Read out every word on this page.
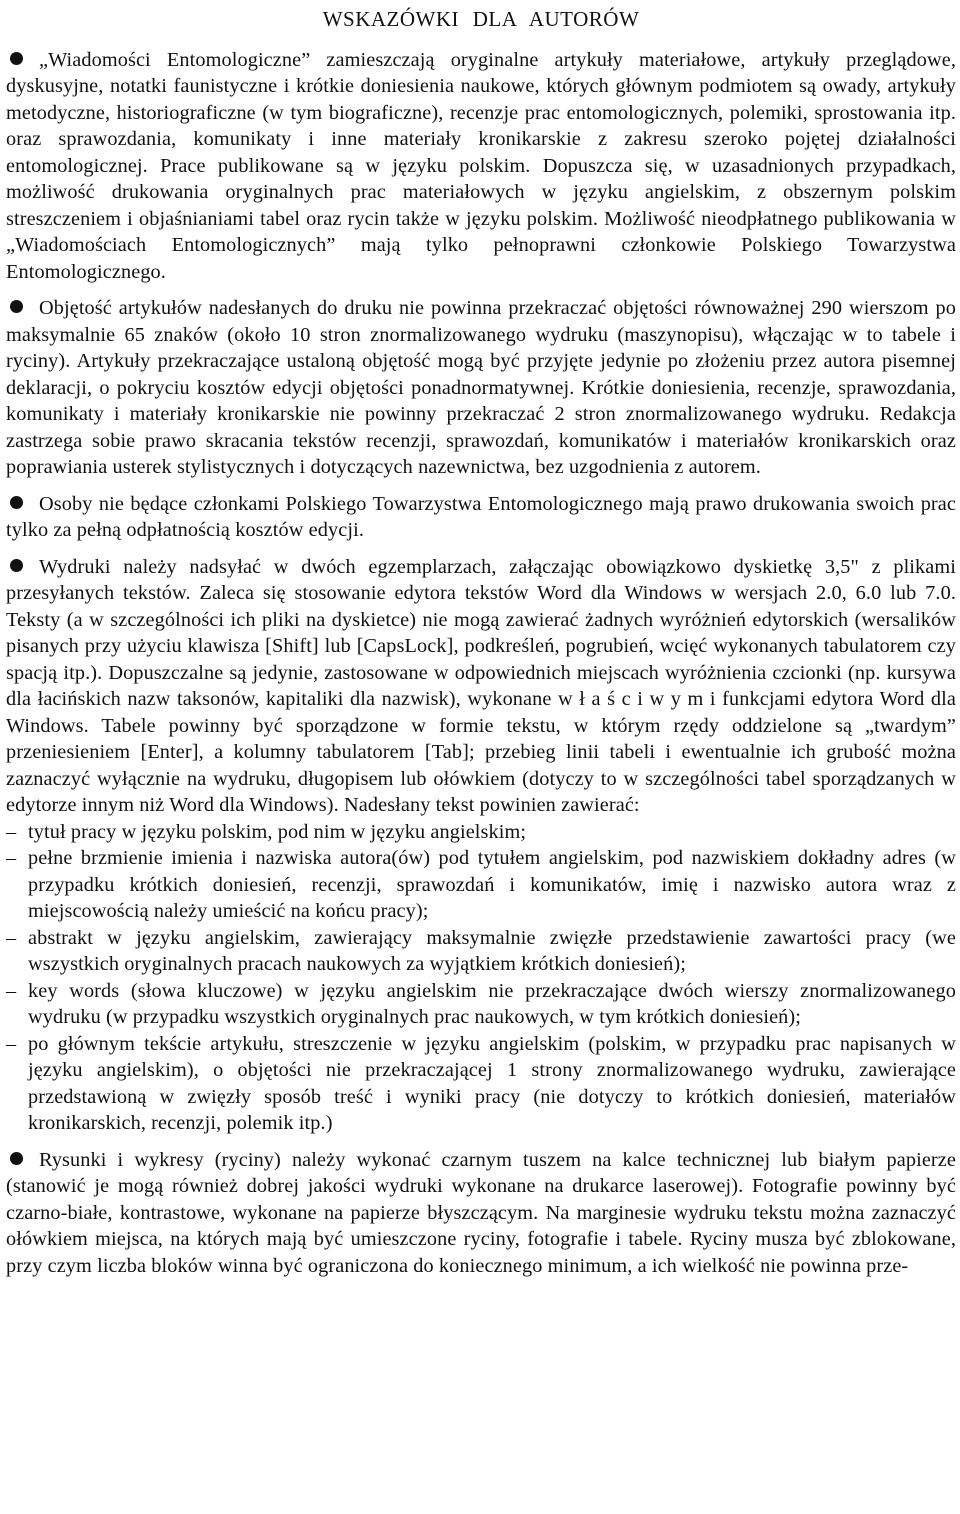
WSKAZÓWKI DLA AUTORÓW

„Wiadomości Entomologiczne” zamieszczają oryginalne artykuły materiałowe, artykuły przeglądowe, dyskusyjne, notatki faunistyczne i krótkie doniesienia naukowe, których głównym podmiotem są owady, artykuły metodyczne, historiograficzne (w tym biograficzne), recenzje prac entomologicznych, polemiki, sprostowania itp. oraz sprawozdania, komunikaty i inne materiały kronikarskie z zakresu szeroko pojętej działalności entomologicznej. Prace publikowane są w języku polskim. Dopuszcza się, w uzasadnionych przypadkach, możliwość drukowania oryginalnych prac materiałowych w języku angielskim, z obszernym polskim streszczeniem i objaśnianiami tabel oraz rycin także w języku polskim. Możliwość nieodpłatnego publikowania w „Wiadomościach Entomologicznych” mają tylko pełnoprawni członkowie Polskiego Towarzystwa Entomologicznego.

Objętość artykułów nadesłanych do druku nie powinna przekraczać objętości równoważnej 290 wierszom po maksymalnie 65 znaków (około 10 stron znormalizowanego wydruku (maszynopisu), włączając w to tabele i ryciny). Artykuły przekraczające ustaloną objętość mogą być przyjęte jedynie po złożeniu przez autora pisemnej deklaracji, o pokryciu kosztów edycji objętości ponadnormatywnej. Krótkie doniesienia, recenzje, sprawozdania, komunikaty i materiały kronikarskie nie powinny przekraczać 2 stron znormalizowanego wydruku. Redakcja zastrzega sobie prawo skracania tekstów recenzji, sprawozdań, komunikatów i materiałów kronikarskich oraz poprawiania usterek stylistycznych i dotyczących nazewnictwa, bez uzgodnienia z autorem.

Osoby nie będące członkami Polskiego Towarzystwa Entomologicznego mają prawo drukowania swoich prac tylko za pełną odpłatnością kosztów edycji.

Wydruki należy nadsyłać w dwóch egzemplarzach, załączając obowiązkowo dyskietkę 3,5" z plikami przesyłanych tekstów. Zaleca się stosowanie edytora tekstów Word dla Windows w wersjach 2.0, 6.0 lub 7.0. Teksty (a w szczególności ich pliki na dyskietce) nie mogą zawierać żadnych wyróżnień edytorskich (wersalików pisanych przy użyciu klawisza [Shift] lub [CapsLock], podkreśleń, pogrubień, wcięć wykonanych tabulatorem czy spacją itp.). Dopuszczalne są jedynie, zastosowane w odpowiednich miejscach wyróżnienia czcionki (np. kursywa dla łacińskich nazw taksonów, kapitaliki dla nazwisk), wykonane w ł a ś c i w y m i funkcjami edytora Word dla Windows. Tabele powinny być sporządzone w formie tekstu, w którym rzędy oddzielone są „twardym” przeniesieniem [Enter], a kolumny tabulatorem [Tab]; przebieg linii tabeli i ewentualnie ich grubość można zaznaczyć wyłącznie na wydruku, długopisem lub ołówkiem (dotyczy to w szczególności tabel sporządzanych w edytorze innym niż Word dla Windows). Nadesłany tekst powinien zawierać:

– tytuł pracy w języku polskim, pod nim w języku angielskim;
– pełne brzmienie imienia i nazwiska autora(ów) pod tytułem angielskim, pod nazwiskiem dokładny adres (w przypadku krótkich doniesień, recenzji, sprawozdań i komunikatów, imię i nazwisko autora wraz z miejscowością należy umieścić na końcu pracy);
– abstrakt w języku angielskim, zawierający maksymalnie zwięzłe przedstawienie zawartości pracy (we wszystkich oryginalnych pracach naukowych za wyjątkiem krótkich doniesień);
– key words (słowa kluczowe) w języku angielskim nie przekraczające dwóch wierszy znormalizowanego wydruku (w przypadku wszystkich oryginalnych prac naukowych, w tym krótkich doniesień);
– po głównym tekście artykułu, streszczenie w języku angielskim (polskim, w przypadku prac napisanych w języku angielskim), o objętości nie przekraczającej 1 strony znormalizowanego wydruku, zawierające przedstawioną w zwięzły sposób treść i wyniki pracy (nie dotyczy to krótkich doniesień, materiałów kronikarskich, recenzji, polemik itp.)

Rysunki i wykresy (ryciny) należy wykonać czarnym tuszem na kalce technicznej lub białym papierze (stanowić je mogą również dobrej jakości wydruki wykonane na drukarce laserowej). Fotografie powinny być czarno-białe, kontrastowe, wykonane na papierze błyszczącym. Na marginesie wydruku tekstu można zaznaczyć ołówkiem miejsca, na których mają być umieszczone ryciny, fotografie i tabele. Ryciny musza być zblokowane, przy czym liczba bloków winna być ograniczona do koniecznego minimum, a ich wielkość nie powinna prze-
